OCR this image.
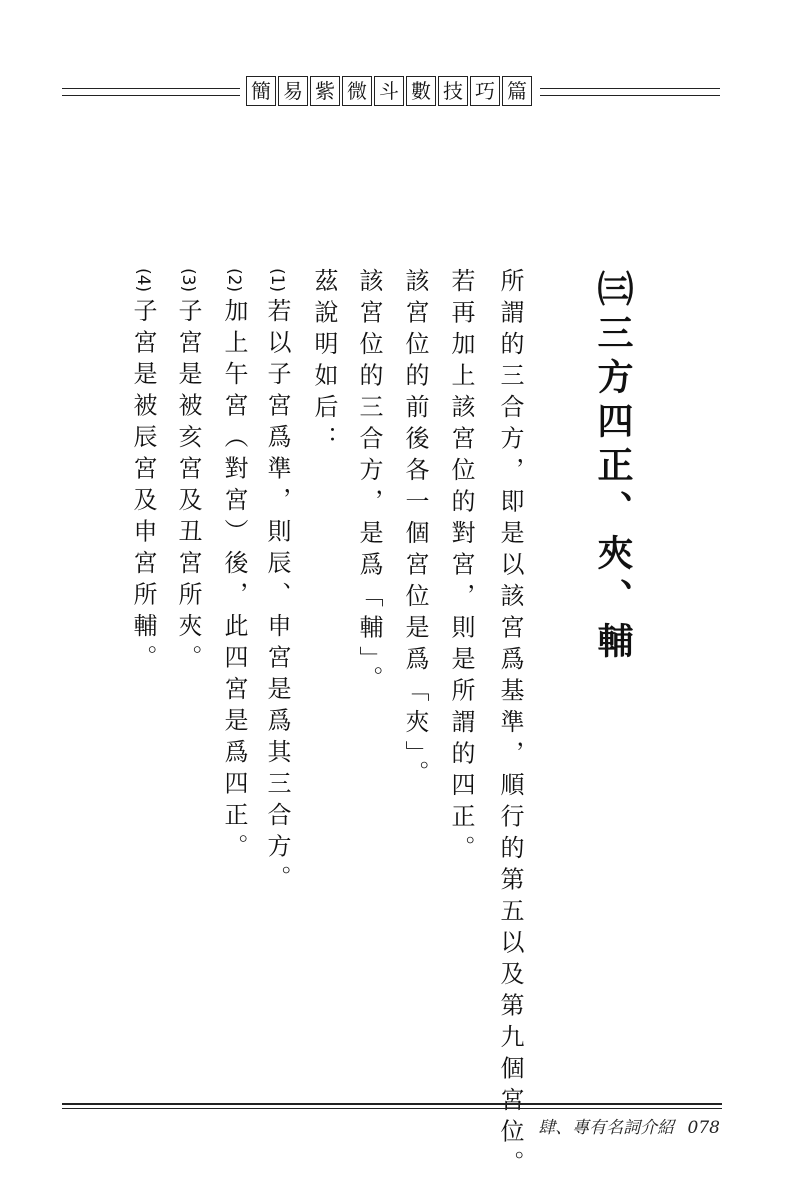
簡 易 紫 微 斗 數 技 巧 篇
㈢三方四正、夾、輔
所謂的三合方，即是以該宮爲基準，順行的第五以及第九個宮位。
若再加上該宮位的對宮，則是所謂的四正。
該宮位的前後各一個宮位是爲「夾」。
該宮位的三合方，是爲「輔」。
茲說明如后：
(1)若以子宮爲準，則辰、申宮是爲其三合方。
(2)加上午宮（對宮）後，此四宮是爲四正。
(3)子宮是被亥宮及丑宮所夾。
(4)子宮是被辰宮及申宮所輔。
肆、專有名詞介紹 078
